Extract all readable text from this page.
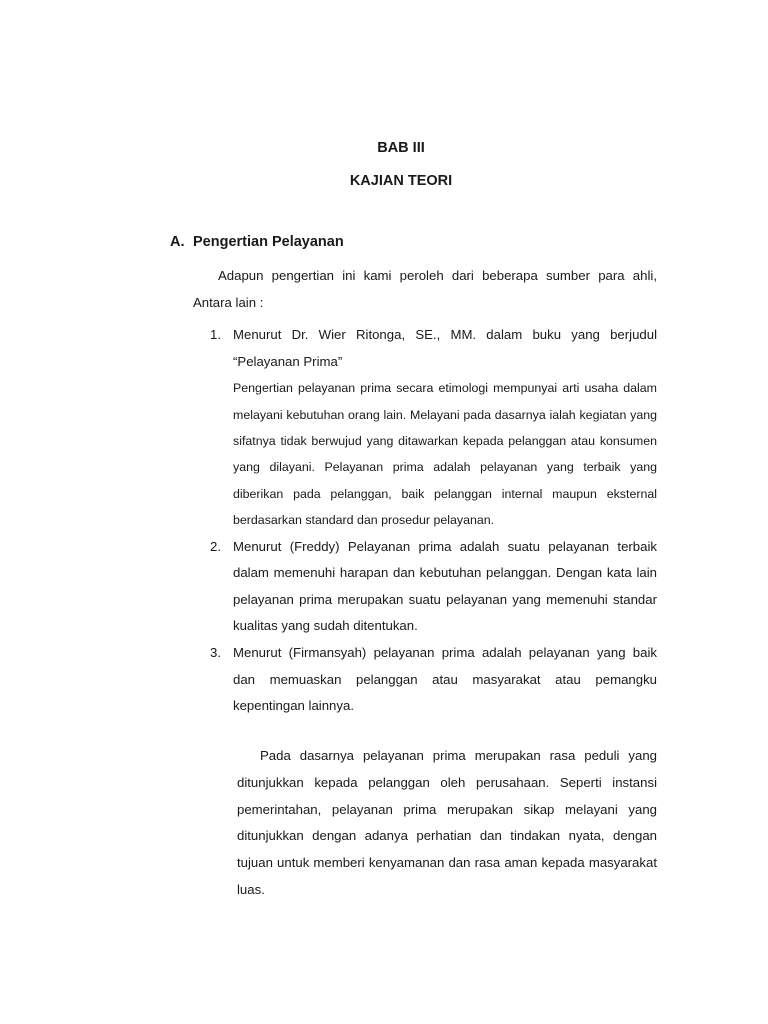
BAB III
KAJIAN TEORI
A. Pengertian Pelayanan

Adapun pengertian ini kami peroleh dari beberapa sumber para ahli, Antara lain :

1. Menurut Dr. Wier Ritonga, SE., MM. dalam buku yang berjudul “Pelayanan Prima”

Pengertian pelayanan prima secara etimologi mempunyai arti usaha dalam melayani kebutuhan orang lain. Melayani pada dasarnya ialah kegiatan yang sifatnya tidak berwujud yang ditawarkan kepada pelanggan atau konsumen yang dilayani. Pelayanan prima adalah pelayanan yang terbaik yang diberikan pada pelanggan, baik pelanggan internal maupun eksternal berdasarkan standard dan prosedur pelayanan.

2. Menurut (Freddy) Pelayanan prima adalah suatu pelayanan terbaik dalam memenuhi harapan dan kebutuhan pelanggan. Dengan kata lain pelayanan prima merupakan suatu pelayanan yang memenuhi standar kualitas yang sudah ditentukan.

3. Menurut (Firmansyah) pelayanan prima adalah pelayanan yang baik dan memuaskan pelanggan atau masyarakat atau pemangku kepentingan lainnya.

Pada dasarnya pelayanan prima merupakan rasa peduli yang ditunjukkan kepada pelanggan oleh perusahaan. Seperti instansi pemerintahan, pelayanan prima merupakan sikap melayani yang ditunjukkan dengan adanya perhatian dan tindakan nyata, dengan tujuan untuk memberi kenyamanan dan rasa aman kepada masyarakat luas.
